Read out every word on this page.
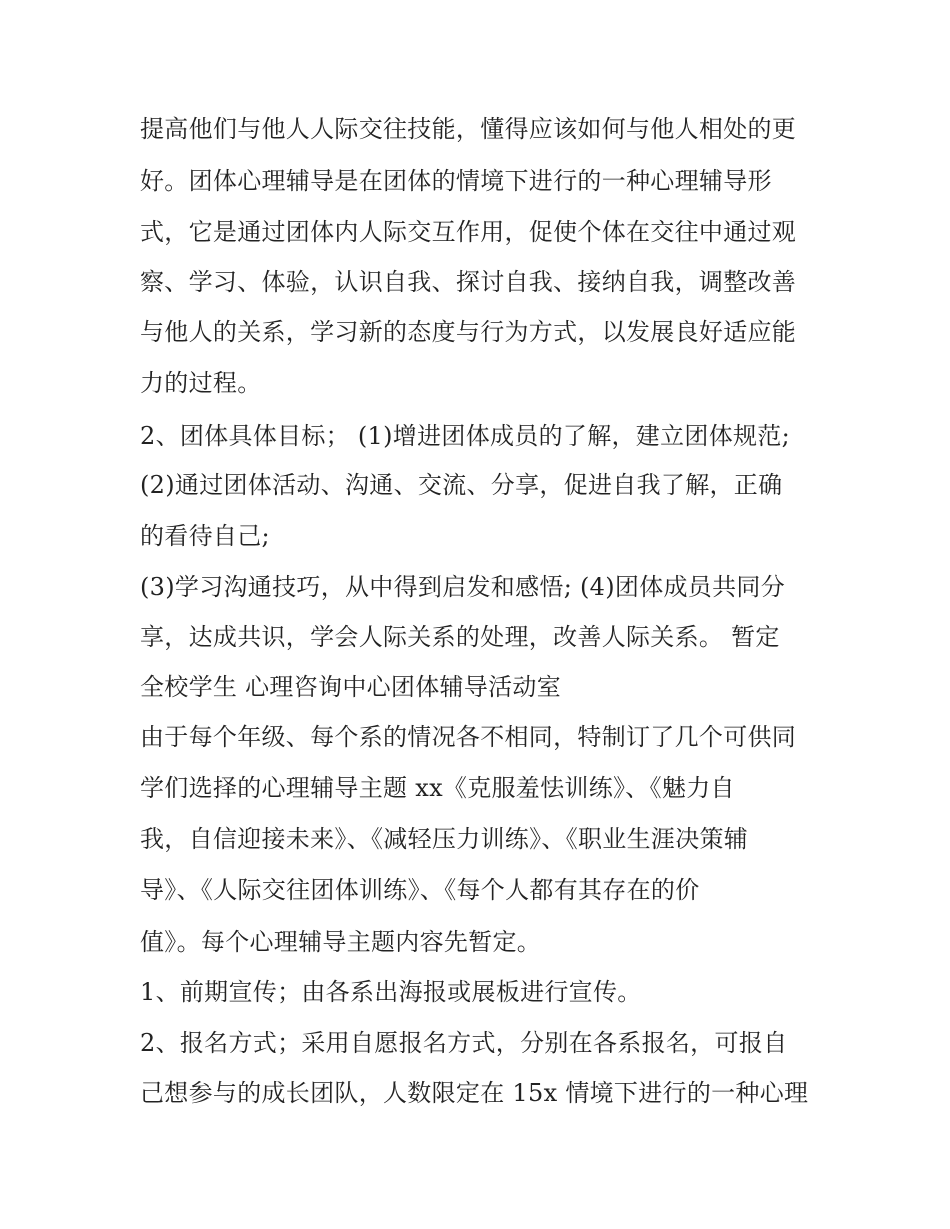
提高他们与他人人际交往技能，懂得应该如何与他人相处的更
好。团体心理辅导是在团体的情境下进行的一种心理辅导形
式，它是通过团体内人际交互作用，促使个体在交往中通过观
察、学习、体验，认识自我、探讨自我、接纳自我，调整改善
与他人的关系，学习新的态度与行为方式，以发展良好适应能
力的过程。
2、团体具体目标； (1)增进团体成员的了解，建立团体规范;
(2)通过团体活动、沟通、交流、分享，促进自我了解，正确
的看待自己;
(3)学习沟通技巧，从中得到启发和感悟; (4)团体成员共同分
享，达成共识，学会人际关系的处理，改善人际关系。 暂定
全校学生 心理咨询中心团体辅导活动室
由于每个年级、每个系的情况各不相同，特制订了几个可供同
学们选择的心理辅导主题 xx《克服羞怯训练》、《魅力自
我，自信迎接未来》、《减轻压力训练》、《职业生涯决策辅
导》、《人际交往团体训练》、《每个人都有其存在的价
值》。每个心理辅导主题内容先暂定。
1、前期宣传；由各系出海报或展板进行宣传。
2、报名方式；采用自愿报名方式，分别在各系报名，可报自
己想参与的成长团队，人数限定在 15x 情境下进行的一种心理
